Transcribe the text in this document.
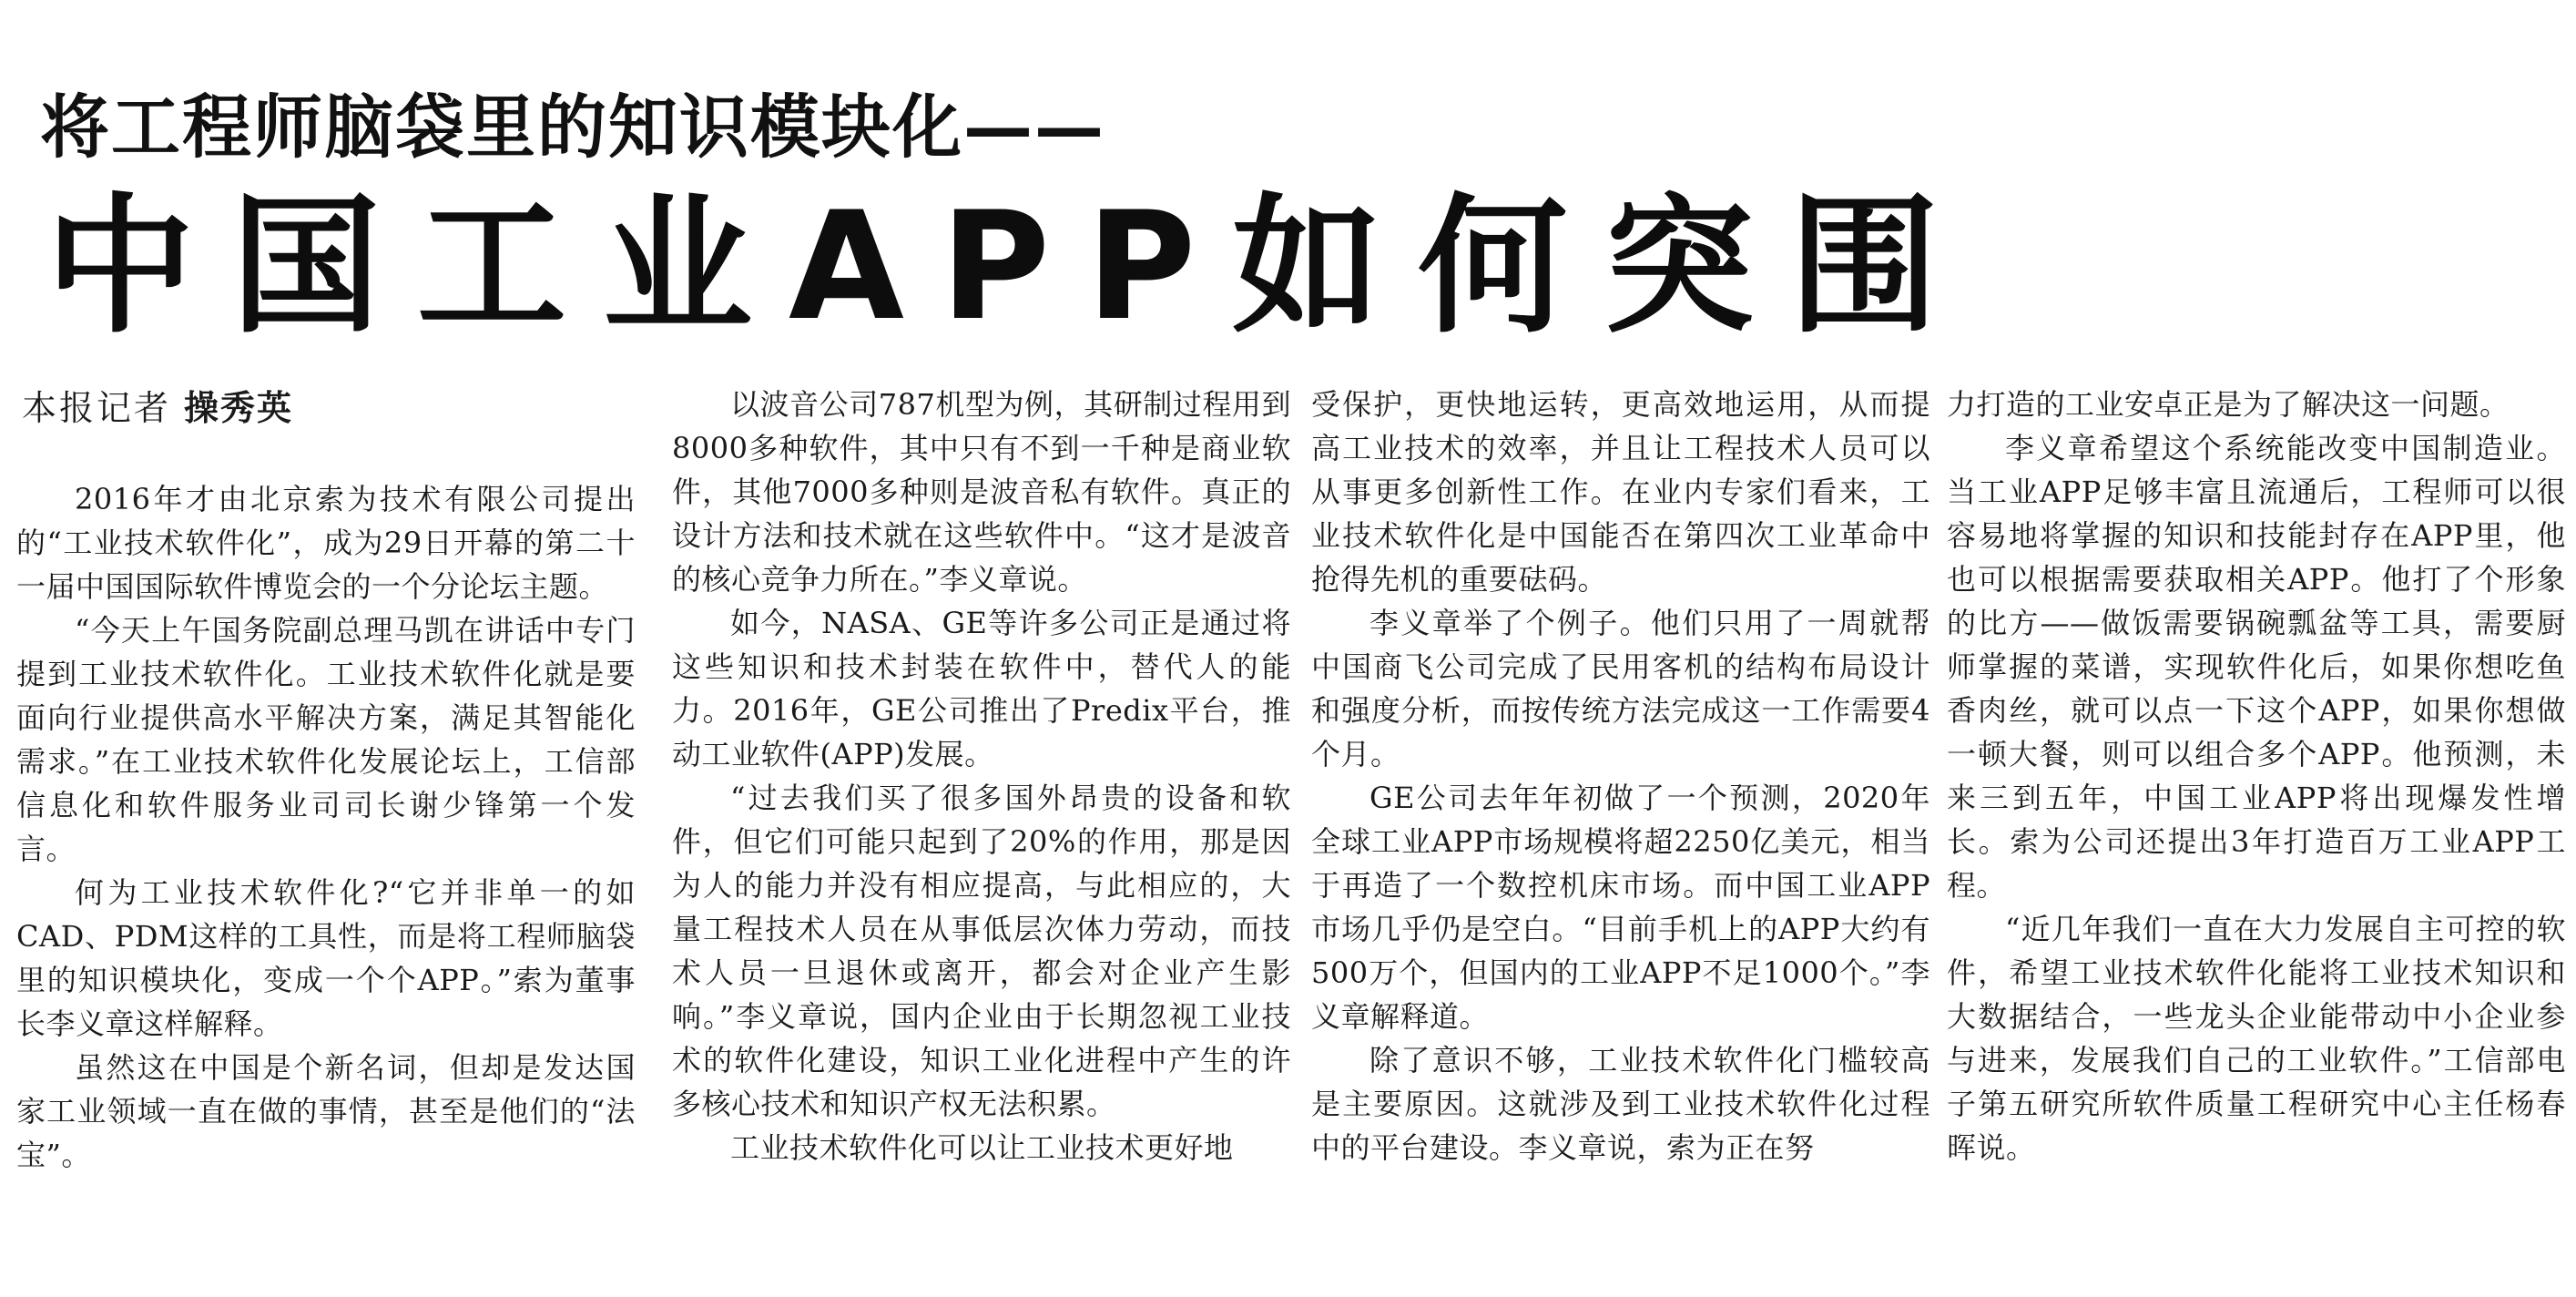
将工程师脑袋里的知识模块化——
中国工业APP如何突围
本报记者 操秀英

2016年才由北京索为技术有限公司提出的“工业技术软件化”，成为29日开幕的第二十一届中国国际软件博览会的一个分论坛主题。

“今天上午国务院副总理马凯在讲话中专门提到工业技术软件化。工业技术软件化就是要面向行业提供高水平解决方案，满足其智能化需求。”在工业技术软件化发展论坛上，工信部信息化和软件服务业司司长谢少锋第一个发言。

何为工业技术软件化?“它并非单一的如CAD、PDM这样的工具性，而是将工程师脑袋里的知识模块化，变成一个个APP。”索为董事长李义章这样解释。

虽然这在中国是个新名词，但却是发达国家工业领域一直在做的事情，甚至是他们的“法宝”。

以波音公司787机型为例，其研制过程用到8000多种软件，其中只有不到一千种是商业软件，其他7000多种则是波音私有软件。真正的设计方法和技术就在这些软件中。“这才是波音的核心竞争力所在。”李义章说。

如今，NASA、GE等许多公司正是通过将这些知识和技术封装在软件中，替代人的能力。2016年，GE公司推出了Predix平台，推动工业软件(APP)发展。

“过去我们买了很多国外昂贵的设备和软件，但它们可能只起到了20%的作用，那是因为人的能力并没有相应提高，与此相应的，大量工程技术人员在从事低层次体力劳动，而技术人员一旦退休或离开，都会对企业产生影响。”李义章说，国内企业由于长期忽视工业技术的软件化建设，知识工业化进程中产生的许多核心技术和知识产权无法积累。

工业技术软件化可以让工业技术更好地

受保护，更快地运转，更高效地运用，从而提高工业技术的效率，并且让工程技术人员可以从事更多创新性工作。在业内专家们看来，工业技术软件化是中国能否在第四次工业革命中抢得先机的重要砝码。

李义章举了个例子。他们只用了一周就帮中国商飞公司完成了民用客机的结构布局设计和强度分析，而按传统方法完成这一工作需要4个月。

GE公司去年年初做了一个预测，2020年全球工业APP市场规模将超2250亿美元，相当于再造了一个数控机床市场。而中国工业APP市场几乎仍是空白。“目前手机上的APP大约有500万个，但国内的工业APP不足1000个。”李义章解释道。

除了意识不够，工业技术软件化门槛较高是主要原因。这就涉及到工业技术软件化过程中的平台建设。李义章说，索为正在努

力打造的工业安卓正是为了解决这一问题。

李义章希望这个系统能改变中国制造业。当工业APP足够丰富且流通后，工程师可以很容易地将掌握的知识和技能封存在APP里，他也可以根据需要获取相关APP。他打了个形象的比方——做饭需要锅碗瓢盆等工具，需要厨师掌握的菜谱，实现软件化后，如果你想吃鱼香肉丝，就可以点一下这个APP，如果你想做一顿大餐，则可以组合多个APP。他预测，未来三到五年，中国工业APP将出现爆发性增长。索为公司还提出3年打造百万工业APP工程。

“近几年我们一直在大力发展自主可控的软件，希望工业技术软件化能将工业技术知识和大数据结合，一些龙头企业能带动中小企业参与进来，发展我们自己的工业软件。”工信部电子第五研究所软件质量工程研究中心主任杨春晖说。
